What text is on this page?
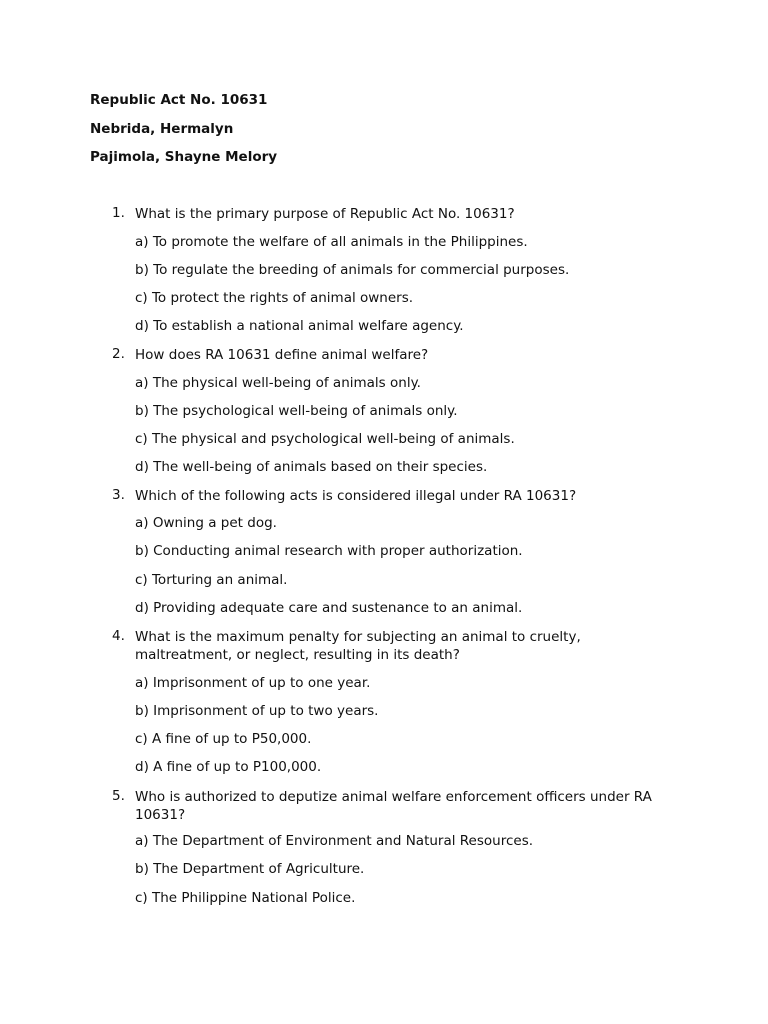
Republic Act No. 10631
Nebrida, Hermalyn
Pajimola, Shayne Melory
1. What is the primary purpose of Republic Act No. 10631?
a) To promote the welfare of all animals in the Philippines.
b) To regulate the breeding of animals for commercial purposes.
c) To protect the rights of animal owners.
d) To establish a national animal welfare agency.
2. How does RA 10631 define animal welfare?
a) The physical well-being of animals only.
b) The psychological well-being of animals only.
c) The physical and psychological well-being of animals.
d) The well-being of animals based on their species.
3. Which of the following acts is considered illegal under RA 10631?
a) Owning a pet dog.
b) Conducting animal research with proper authorization.
c) Torturing an animal.
d) Providing adequate care and sustenance to an animal.
4. What is the maximum penalty for subjecting an animal to cruelty, maltreatment, or neglect, resulting in its death?
a) Imprisonment of up to one year.
b) Imprisonment of up to two years.
c) A fine of up to P50,000.
d) A fine of up to P100,000.
5. Who is authorized to deputize animal welfare enforcement officers under RA 10631?
a) The Department of Environment and Natural Resources.
b) The Department of Agriculture.
c) The Philippine National Police.
